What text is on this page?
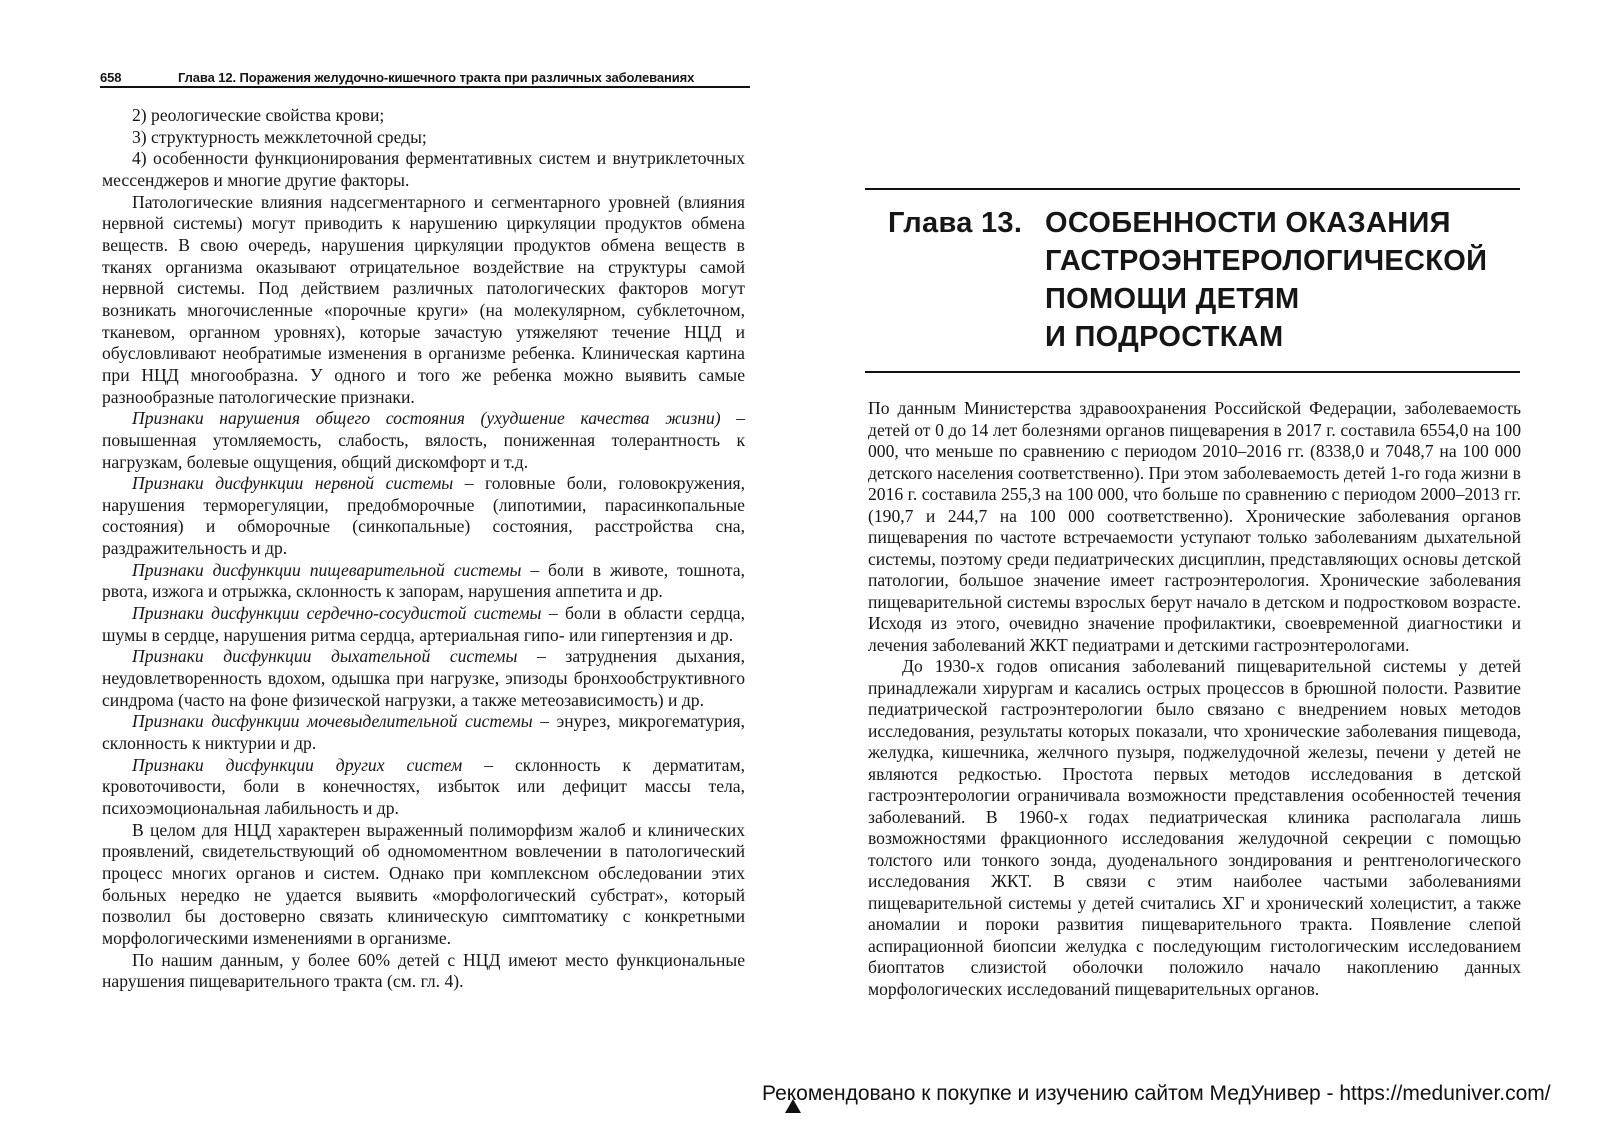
658	Глава 12. Поражения желудочно-кишечного тракта при различных заболеваниях

2) реологические свойства крови;

3) структурность межклеточной среды;

4) особенности функционирования ферментативных систем и внутриклеточных мессенджеров и многие другие факторы.

Патологические влияния надсегментарного и сегментарного уровней (влияния нервной системы) могут приводить к нарушению циркуляции продуктов обмена веществ. В свою очередь, нарушения циркуляции продуктов обмена веществ в тканях организма оказывают отрицательное воздействие на структуры самой нервной системы. Под действием различных патологических факторов могут возникать многочисленные «порочные круги» (на молекулярном, субклеточном, тканевом, органном уровнях), которые зачастую утяжеляют течение НЦД и обусловливают необратимые изменения в организме ребенка. Клиническая картина при НЦД многообразна. У одного и того же ребенка можно выявить самые разнообразные патологические признаки.

Признаки нарушения общего состояния (ухудшение качества жизни) – повышенная утомляемость, слабость, вялость, пониженная толерантность к нагрузкам, болевые ощущения, общий дискомфорт и т.д.

Признаки дисфункции нервной системы – головные боли, головокружения, нарушения терморегуляции, предобморочные (липотимии, парасинкопальные состояния) и обморочные (синкопальные) состояния, расстройства сна, раздражительность и др.

Признаки дисфункции пищеварительной системы – боли в животе, тошнота, рвота, изжога и отрыжка, склонность к запорам, нарушения аппетита и др.

Признаки дисфункции сердечно-сосудистой системы – боли в области сердца, шумы в сердце, нарушения ритма сердца, артериальная гипо- или гипертензия и др.

Признаки дисфункции дыхательной системы – затруднения дыхания, неудовлетворенность вдохом, одышка при нагрузке, эпизоды бронхообструктивного синдрома (часто на фоне физической нагрузки, а также метеозависимость) и др.

Признаки дисфункции мочевыделительной системы – энурез, микрогематурия, склонность к никтурии и др.

Признаки дисфункции других систем – склонность к дерматитам, кровоточивости, боли в конечностях, избыток или дефицит массы тела, психоэмоциональная лабильность и др.

В целом для НЦД характерен выраженный полиморфизм жалоб и клинических проявлений, свидетельствующий об одномоментном вовлечении в патологический процесс многих органов и систем. Однако при комплексном обследовании этих больных нередко не удается выявить «морфологический субстрат», который позволил бы достоверно связать клиническую симптоматику с конкретными морфологическими изменениями в организме.

По нашим данным, у более 60% детей с НЦД имеют место функциональные нарушения пищеварительного тракта (см. гл. 4).

Глава 13. ОСОБЕННОСТИ ОКАЗАНИЯ
ГАСТРОЭНТЕРОЛОГИЧЕСКОЙ
ПОМОЩИ ДЕТЯМ
И ПОДРОСТКАМ

По данным Министерства здравоохранения Российской Федерации, заболеваемость детей от 0 до 14 лет болезнями органов пищеварения в 2017 г. составила 6554,0 на 100 000, что меньше по сравнению с периодом 2010–2016 гг. (8338,0 и 7048,7 на 100 000 детского населения соответственно). При этом заболеваемость детей 1-го года жизни в 2016 г. составила 255,3 на 100 000, что больше по сравнению с периодом 2000–2013 гг. (190,7 и 244,7 на 100 000 соответственно). Хронические заболевания органов пищеварения по частоте встречаемости уступают только заболеваниям дыхательной системы, поэтому среди педиатрических дисциплин, представляющих основы детской патологии, большое значение имеет гастроэнтерология. Хронические заболевания пищеварительной системы взрослых берут начало в детском и подростковом возрасте. Исходя из этого, очевидно значение профилактики, своевременной диагностики и лечения заболеваний ЖКТ педиатрами и детскими гастроэнтерологами.

До 1930-х годов описания заболеваний пищеварительной системы у детей принадлежали хирургам и касались острых процессов в брюшной полости. Развитие педиатрической гастроэнтерологии было связано с внедрением новых методов исследования, результаты которых показали, что хронические заболевания пищевода, желудка, кишечника, желчного пузыря, поджелудочной железы, печени у детей не являются редкостью. Простота первых методов исследования в детской гастроэнтерологии ограничивала возможности представления особенностей течения заболеваний. В 1960-х годах педиатрическая клиника располагала лишь возможностями фракционного исследования желудочной секреции с помощью толстого или тонкого зонда, дуоденального зондирования и рентгенологического исследования ЖКТ. В связи с этим наиболее частыми заболеваниями пищеварительной системы у детей считались ХГ и хронический холецистит, а также аномалии и пороки развития пищеварительного тракта. Появление слепой аспирационной биопсии желудка с последующим гистологическим исследованием биоптатов слизистой оболочки положило начало накоплению данных морфологических исследований пищеварительных органов.

Рекомендовано к покупке и изучению сайтом МедУнивер - https://meduniver.com/
